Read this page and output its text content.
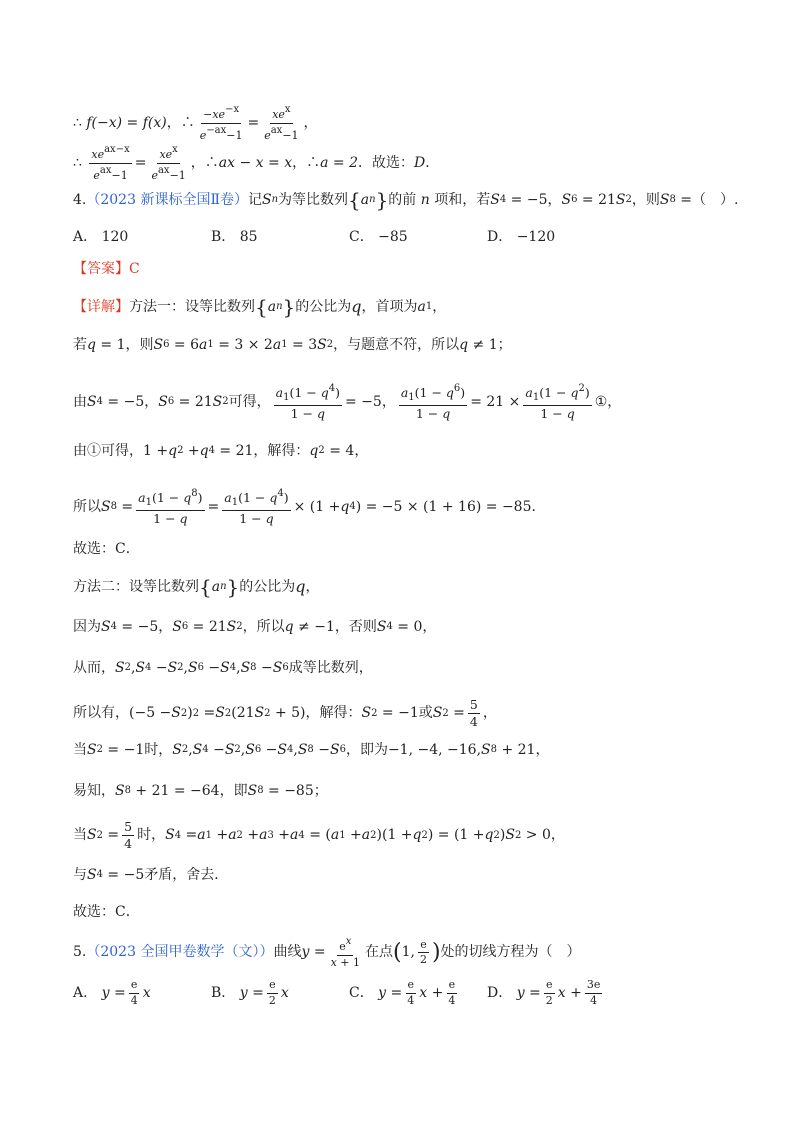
∴
f(−x) = f(x) ，∴ $\frac{-xe^{-x}}{e^{-ax}-1} = \frac{xe^x}{e^{ax}-1}$ ，
∴
$\frac{xe^{ax-x}}{e^{ax}-1} = \frac{xe^x}{e^{ax}-1}$ ，∴ ax − x = x ，∴ a = 2 ．故选： D ．
4. （2023 新课标全国Ⅱ卷） 记 S n 为等比数列 { a n } 的前
n
项和，若 S 4 = −5 ， S 6 = 21 S 2 ，则 S 8 = （　）.
A．
120	B．
85	C．
−85	D．
−120
【答案】 C
【详解】 方法一：设等比数列 { a n } 的公比为 q ，首项为 a 1 ，
若 q = 1 ，则 S 6 = 6 a 1 = 3 × 2 a 1 = 3 S 2 ，与题意不符，所以 q ≠ 1 ；
由 S 4 = −5 ， S 6 = 21 S 2 可得， $\frac{a_1(1 - q^4)}{1 - q} = -5$ ， $\frac{a_1(1 - q^6)}{1 - q} = 21 \times \frac{a_1(1 - q^2)}{1 - q}$ ① ，
由①可得， 1 + q 2 + q 4 = 21 ，解得： q 2 = 4 ，
所以 S $8 = \frac{a_1(1 - q^8)}{1 - q} = \frac{a_1(1 - q^4)}{1 - q} \times (1 + q$ 4 ) = −5 × (1 + 16) = −85 ．
故选：C．
方法二：设等比数列 { a n } 的公比为 q ，
因为 S 4 = −5 ， S 6 = 21 S 2 ，所以 q ≠ −1 ，否则 S 4 = 0 ，
从而， S 2 , S 4 − S 2 , S 6 − S 4 , S 8 − S 6 成等比数列，
所以有， (−5 − S 2 ) 2 = S 2 (21 S 2 + 5) ，解得： S 2 = −1 或 S $2 = \frac{5}{4}$ ，
当 S 2 = −1 时， S 2 , S 4 − S 2 , S 6 − S 4 , S 8 − S 6 ，即为 −1, −4, −16, S 8 + 21 ，
易知， S 8 + 21 = −64 ，即 S 8 = −85 ；
当 S $2 = \frac{5}{4}$ 时， S 4 = a 1 + a 2 + a 3 + a 4 = ( a 1 + a 2 )(1 + q 2 ) = (1 + q 2 ) S 2 > 0 ，
与 S 4 = −5 矛盾，舍去．
故选：C．
5. （2023 全国甲卷数学（文）） 曲线 $y = \frac{e^x}{x + 1}$ 在点 ( 1, $\frac{e}{2}$ ) 处的切线方程为（　）
A．
$y = \frac{e}{4}$ x	B．
$y = \frac{e}{2}$ x	C．
$y = \frac{e}{4}$ $x + \frac{e}{4}$ D．
$y = \frac{e}{2}$ $x + \frac{3e}{4}$
